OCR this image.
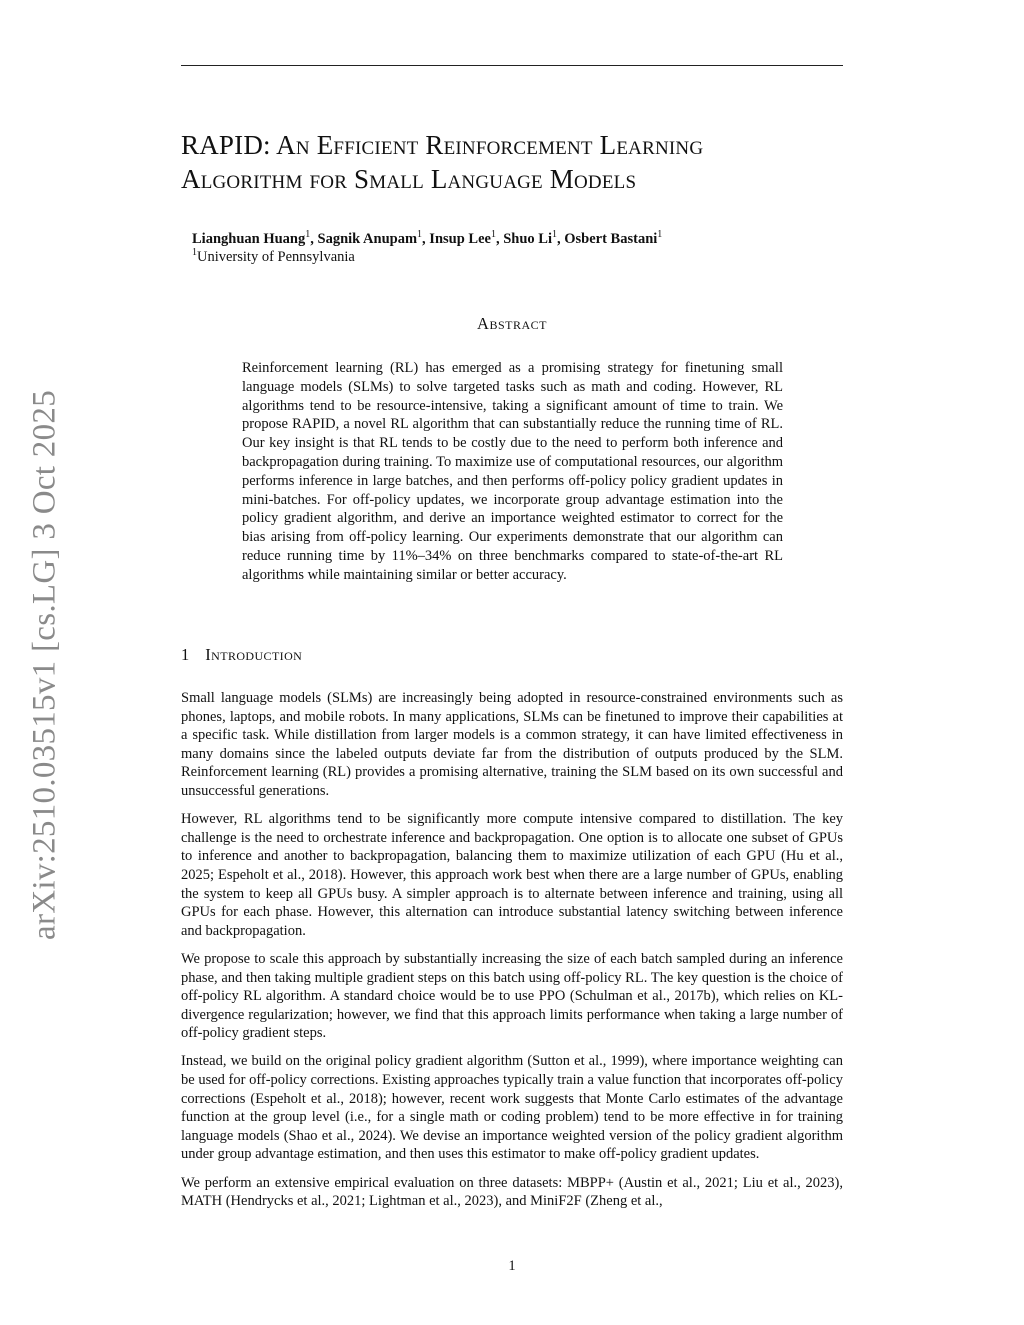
arXiv:2510.03515v1 [cs.LG] 3 Oct 2025
RAPID: An Efficient Reinforcement Learning
Algorithm for Small Language Models
Lianghuan Huang$^1$, Sagnik Anupam$^1$, Insup Lee$^1$, Shuo Li$^1$, Osbert Bastani$^1$
$^1$University of Pennsylvania
Abstract

Reinforcement learning (RL) has emerged as a promising strategy for finetuning small language models (SLMs) to solve targeted tasks such as math and coding. However, RL algorithms tend to be resource-intensive, taking a significant amount of time to train. We propose RAPID, a novel RL algorithm that can substantially reduce the running time of RL. Our key insight is that RL tends to be costly due to the need to perform both inference and backpropagation during training. To maximize use of computational resources, our algorithm performs inference in large batches, and then performs off-policy policy gradient updates in mini-batches. For off-policy updates, we incorporate group advantage estimation into the policy gradient algorithm, and derive an importance weighted estimator to correct for the bias arising from off-policy learning. Our experiments demonstrate that our algorithm can reduce running time by 11%–34% on three benchmarks compared to state-of-the-art RL algorithms while maintaining similar or better accuracy.

1 Introduction

Small language models (SLMs) are increasingly being adopted in resource-constrained environments such as phones, laptops, and mobile robots. In many applications, SLMs can be finetuned to improve their capabilities at a specific task. While distillation from larger models is a common strategy, it can have limited effectiveness in many domains since the labeled outputs deviate far from the distribution of outputs produced by the SLM. Reinforcement learning (RL) provides a promising alternative, training the SLM based on its own successful and unsuccessful generations.

However, RL algorithms tend to be significantly more compute intensive compared to distillation. The key challenge is the need to orchestrate inference and backpropagation. One option is to allocate one subset of GPUs to inference and another to backpropagation, balancing them to maximize utilization of each GPU (Hu et al., 2025; Espeholt et al., 2018). However, this approach work best when there are a large number of GPUs, enabling the system to keep all GPUs busy. A simpler approach is to alternate between inference and training, using all GPUs for each phase. However, this alternation can introduce substantial latency switching between inference and backpropagation.

We propose to scale this approach by substantially increasing the size of each batch sampled during an inference phase, and then taking multiple gradient steps on this batch using off-policy RL. The key question is the choice of off-policy RL algorithm. A standard choice would be to use PPO (Schulman et al., 2017b), which relies on KL-divergence regularization; however, we find that this approach limits performance when taking a large number of off-policy gradient steps.

Instead, we build on the original policy gradient algorithm (Sutton et al., 1999), where importance weighting can be used for off-policy corrections. Existing approaches typically train a value function that incorporates off-policy corrections (Espeholt et al., 2018); however, recent work suggests that Monte Carlo estimates of the advantage function at the group level (i.e., for a single math or coding problem) tend to be more effective in for training language models (Shao et al., 2024). We devise an importance weighted version of the policy gradient algorithm under group advantage estimation, and then uses this estimator to make off-policy gradient updates.

We perform an extensive empirical evaluation on three datasets: MBPP+ (Austin et al., 2021; Liu et al., 2023), MATH (Hendrycks et al., 2021; Lightman et al., 2023), and MiniF2F (Zheng et al.,

1
